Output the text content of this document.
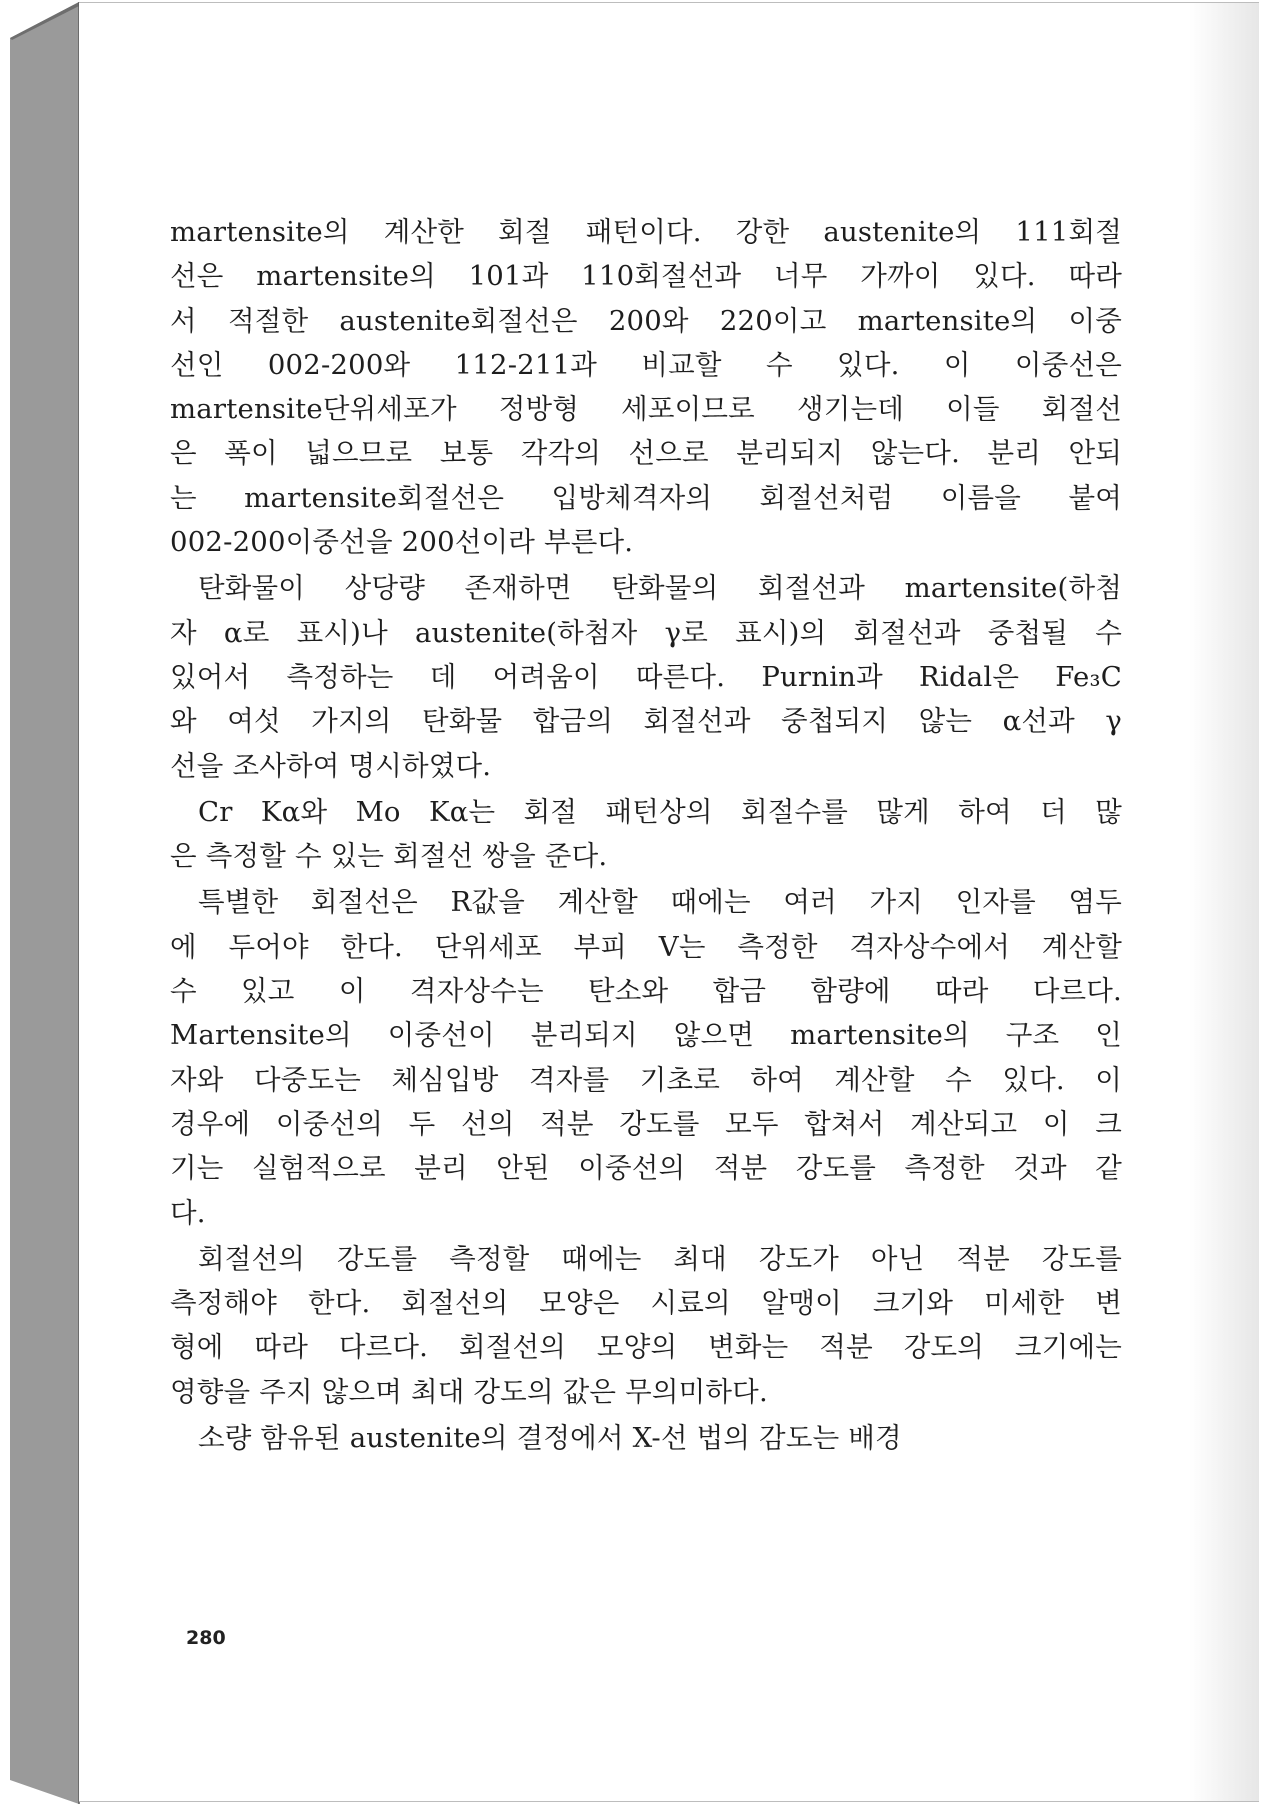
martensite의 계산한 회절 패턴이다. 강한 austenite의 111회절
선은 martensite의 101과 110회절선과 너무 가까이 있다. 따라
서 적절한 austenite회절선은 200와 220이고 martensite의 이중
선인 002-200와 112-211과 비교할 수 있다. 이 이중선은
martensite단위세포가 정방형 세포이므로 생기는데 이들 회절선
은 폭이 넓으므로 보통 각각의 선으로 분리되지 않는다. 분리 안되
는 martensite회절선은 입방체격자의 회절선처럼 이름을 붙여
002-200이중선을 200선이라 부른다.
탄화물이 상당량 존재하면 탄화물의 회절선과 martensite(하첨
자 α로 표시)나 austenite(하첨자 γ로 표시)의 회절선과 중첩될 수
있어서 측정하는 데 어려움이 따른다. Purnin과 Ridal은 Fe₃C
와 여섯 가지의 탄화물 합금의 회절선과 중첩되지 않는 α선과 γ
선을 조사하여 명시하였다.
Cr Kα와 Mo Kα는 회절 패턴상의 회절수를 많게 하여 더 많
은 측정할 수 있는 회절선 쌍을 준다.
특별한 회절선은 R값을 계산할 때에는 여러 가지 인자를 염두
에 두어야 한다. 단위세포 부피 V는 측정한 격자상수에서 계산할
수 있고 이 격자상수는 탄소와 합금 함량에 따라 다르다.
Martensite의 이중선이 분리되지 않으면 martensite의 구조 인
자와 다중도는 체심입방 격자를 기초로 하여 계산할 수 있다. 이
경우에 이중선의 두 선의 적분 강도를 모두 합쳐서 계산되고 이 크
기는 실험적으로 분리 안된 이중선의 적분 강도를 측정한 것과 같
다.
회절선의 강도를 측정할 때에는 최대 강도가 아닌 적분 강도를
측정해야 한다. 회절선의 모양은 시료의 알맹이 크기와 미세한 변
형에 따라 다르다. 회절선의 모양의 변화는 적분 강도의 크기에는
영향을 주지 않으며 최대 강도의 값은 무의미하다.
소량 함유된 austenite의 결정에서 X-선 법의 감도는 배경
280
